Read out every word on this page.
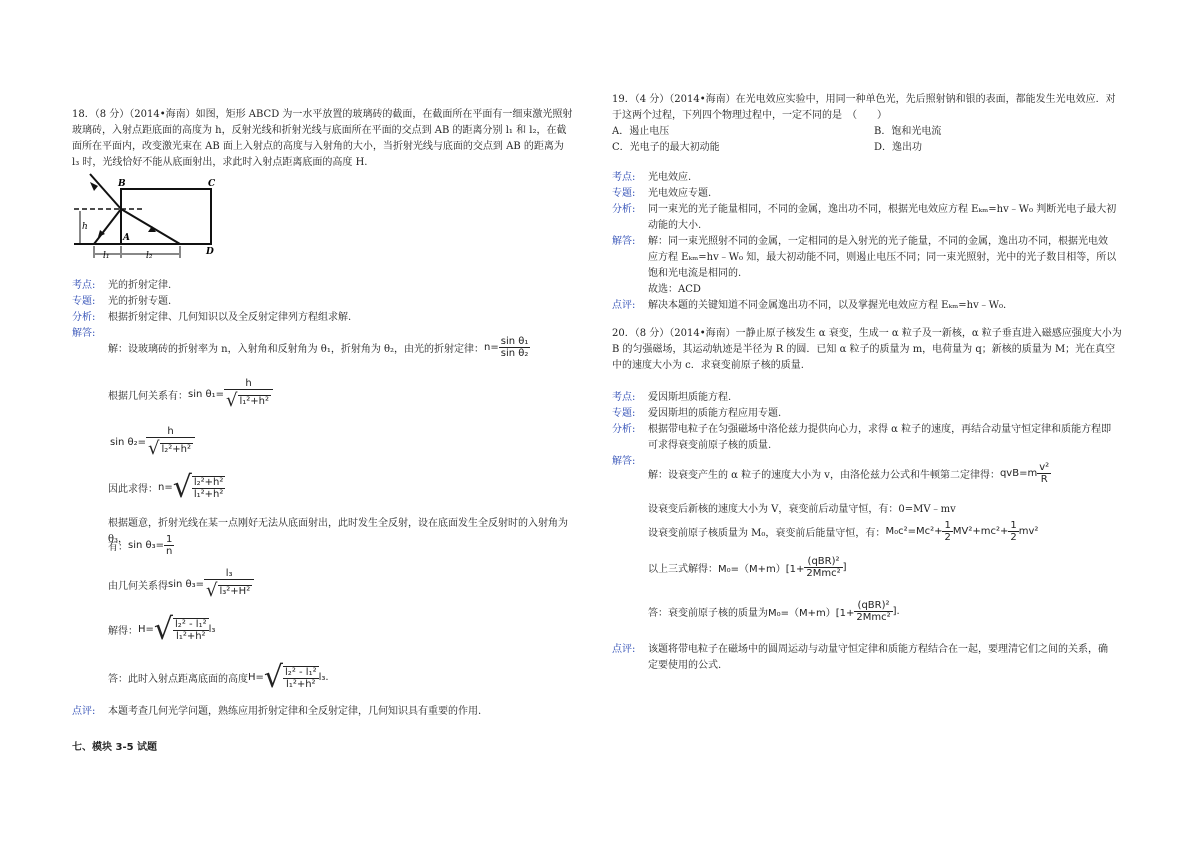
18．（8 分）（2014•海南）如图，矩形 ABCD 为一水平放置的玻璃砖的截面，在截面所在平面有一细束激光照射
玻璃砖，入射点距底面的高度为 h，反射光线和折射光线与底面所在平面的交点到 AB 的距离分别 l₁ 和 l₂，在截
面所在平面内，改变激光束在 AB 面上入射点的高度与入射角的大小，当折射光线与底面的交点到 AB 的距离为
l₃ 时，光线恰好不能从底面射出，求此时入射点距离底面的高度 H.
B	C
A
D
h
l₁	l₂
考点: 光的折射定律.
专题: 光的折射专题.
分析: 根据折射定律、几何知识以及全反射定律列方程组求解.
解答:
解：设玻璃砖的折射率为 n，入射角和反射角为 θ₁，折射角为 θ₂，由光的折射定律：$n= \frac{\text{sin θ₁}}{\text{sin θ₂}}$
根据几何关系有：$\sin \theta_1= \frac{h}{\text{√ l₁²+h²}}$
$\sin \theta_2= \frac{h}{\text{√ l₂²+h²}}$
因此求得：$n=√ \frac{\text{l₂²+h²}}{\text{l₁²+h²}}$
根据题意，折射光线在某一点刚好无法从底面射出，此时发生全反射，设在底面发生全反射时的入射角为 θ₃，
有：$\sin \theta_3= \frac{1}{n}$
由几何关系得$\sin \theta_3= \frac{\text{l₃}}{\text{√ l₃²+H²}}$
解得：$H=√ \frac{\text{l₂² - l₁²}}{\text{l₁²+h²}} l_3$
答：此时入射点距离底面的高度$H=√ \frac{\text{l₂² - l₁²}}{\text{l₁²+h²}} l_3$.
点评: 本题考查几何光学问题，熟练应用折射定律和全反射定律，几何知识具有重要的作用.
七、模块 3-5 试题
19．（4 分）（2014•海南）在光电效应实验中，用同一种单色光，先后照射钠和银的表面，都能发生光电效应．对
于这两个过程，下列四个物理过程中，一定不同的是　（　　）
A．遏止电压	B．饱和光电流
C．光电子的最大初动能	D．逸出功
考点: 光电效应.
专题: 光电效应专题.
分析: 同一束光的光子能量相同，不同的金属，逸出功不同，根据光电效应方程 Eₖₘ=hv﹣W₀ 判断光电子最大初
动能的大小.
解答: 解：同一束光照射不同的金属，一定相同的是入射光的光子能量，不同的金属，逸出功不同，根据光电效
应方程 Eₖₘ=hv﹣W₀ 知，最大初动能不同，则遏止电压不同；同一束光照射，光中的光子数目相等，所以
饱和光电流是相同的.
故选：ACD
点评: 解决本题的关键知道不同金属逸出功不同，以及掌握光电效应方程 Eₖₘ=hv﹣W₀.
20．（8 分）（2014•海南）一静止原子核发生 α 衰变，生成一 α 粒子及一新核，α 粒子垂直进入磁感应强度大小为
B 的匀强磁场，其运动轨迹是半径为 R 的圆．已知 α 粒子的质量为 m，电荷量为 q；新核的质量为 M；光在真空
中的速度大小为 c．求衰变前原子核的质量.
考点: 爱因斯坦质能方程.
专题: 爱因斯坦的质能方程应用专题.
分析: 根据带电粒子在匀强磁场中洛伦兹力提供向心力，求得 α 粒子的速度，再结合动量守恒定律和质能方程即
可求得衰变前原子核的质量.
解答:
解：设衰变产生的 α 粒子的速度大小为 v，由洛伦兹力公式和牛顿第二定律得：$qvB=m \frac{\text{v²}}{R}$
设衰变后新核的速度大小为 V，衰变前后动量守恒，有：0=MV﹣mv
设衰变前原子核质量为 M₀，衰变前后能量守恒，有：$M_0c^2=Mc^2+ \frac{1}{2} MV^2+mc^2+ \frac{1}{2} mv^2$
以上三式解得：$M_0=(M+m)[1+ \frac{\text{(qBR)²}}{\text{2Mmc²}}$ ]
答：衰变前原子核的质量为$M_0=(M+m)[1+ \frac{\text{(qBR)²}}{\text{2Mmc²}}$ ].
点评: 该题将带电粒子在磁场中的圆周运动与动量守恒定律和质能方程结合在一起，要理清它们之间的关系，确
定要使用的公式.
